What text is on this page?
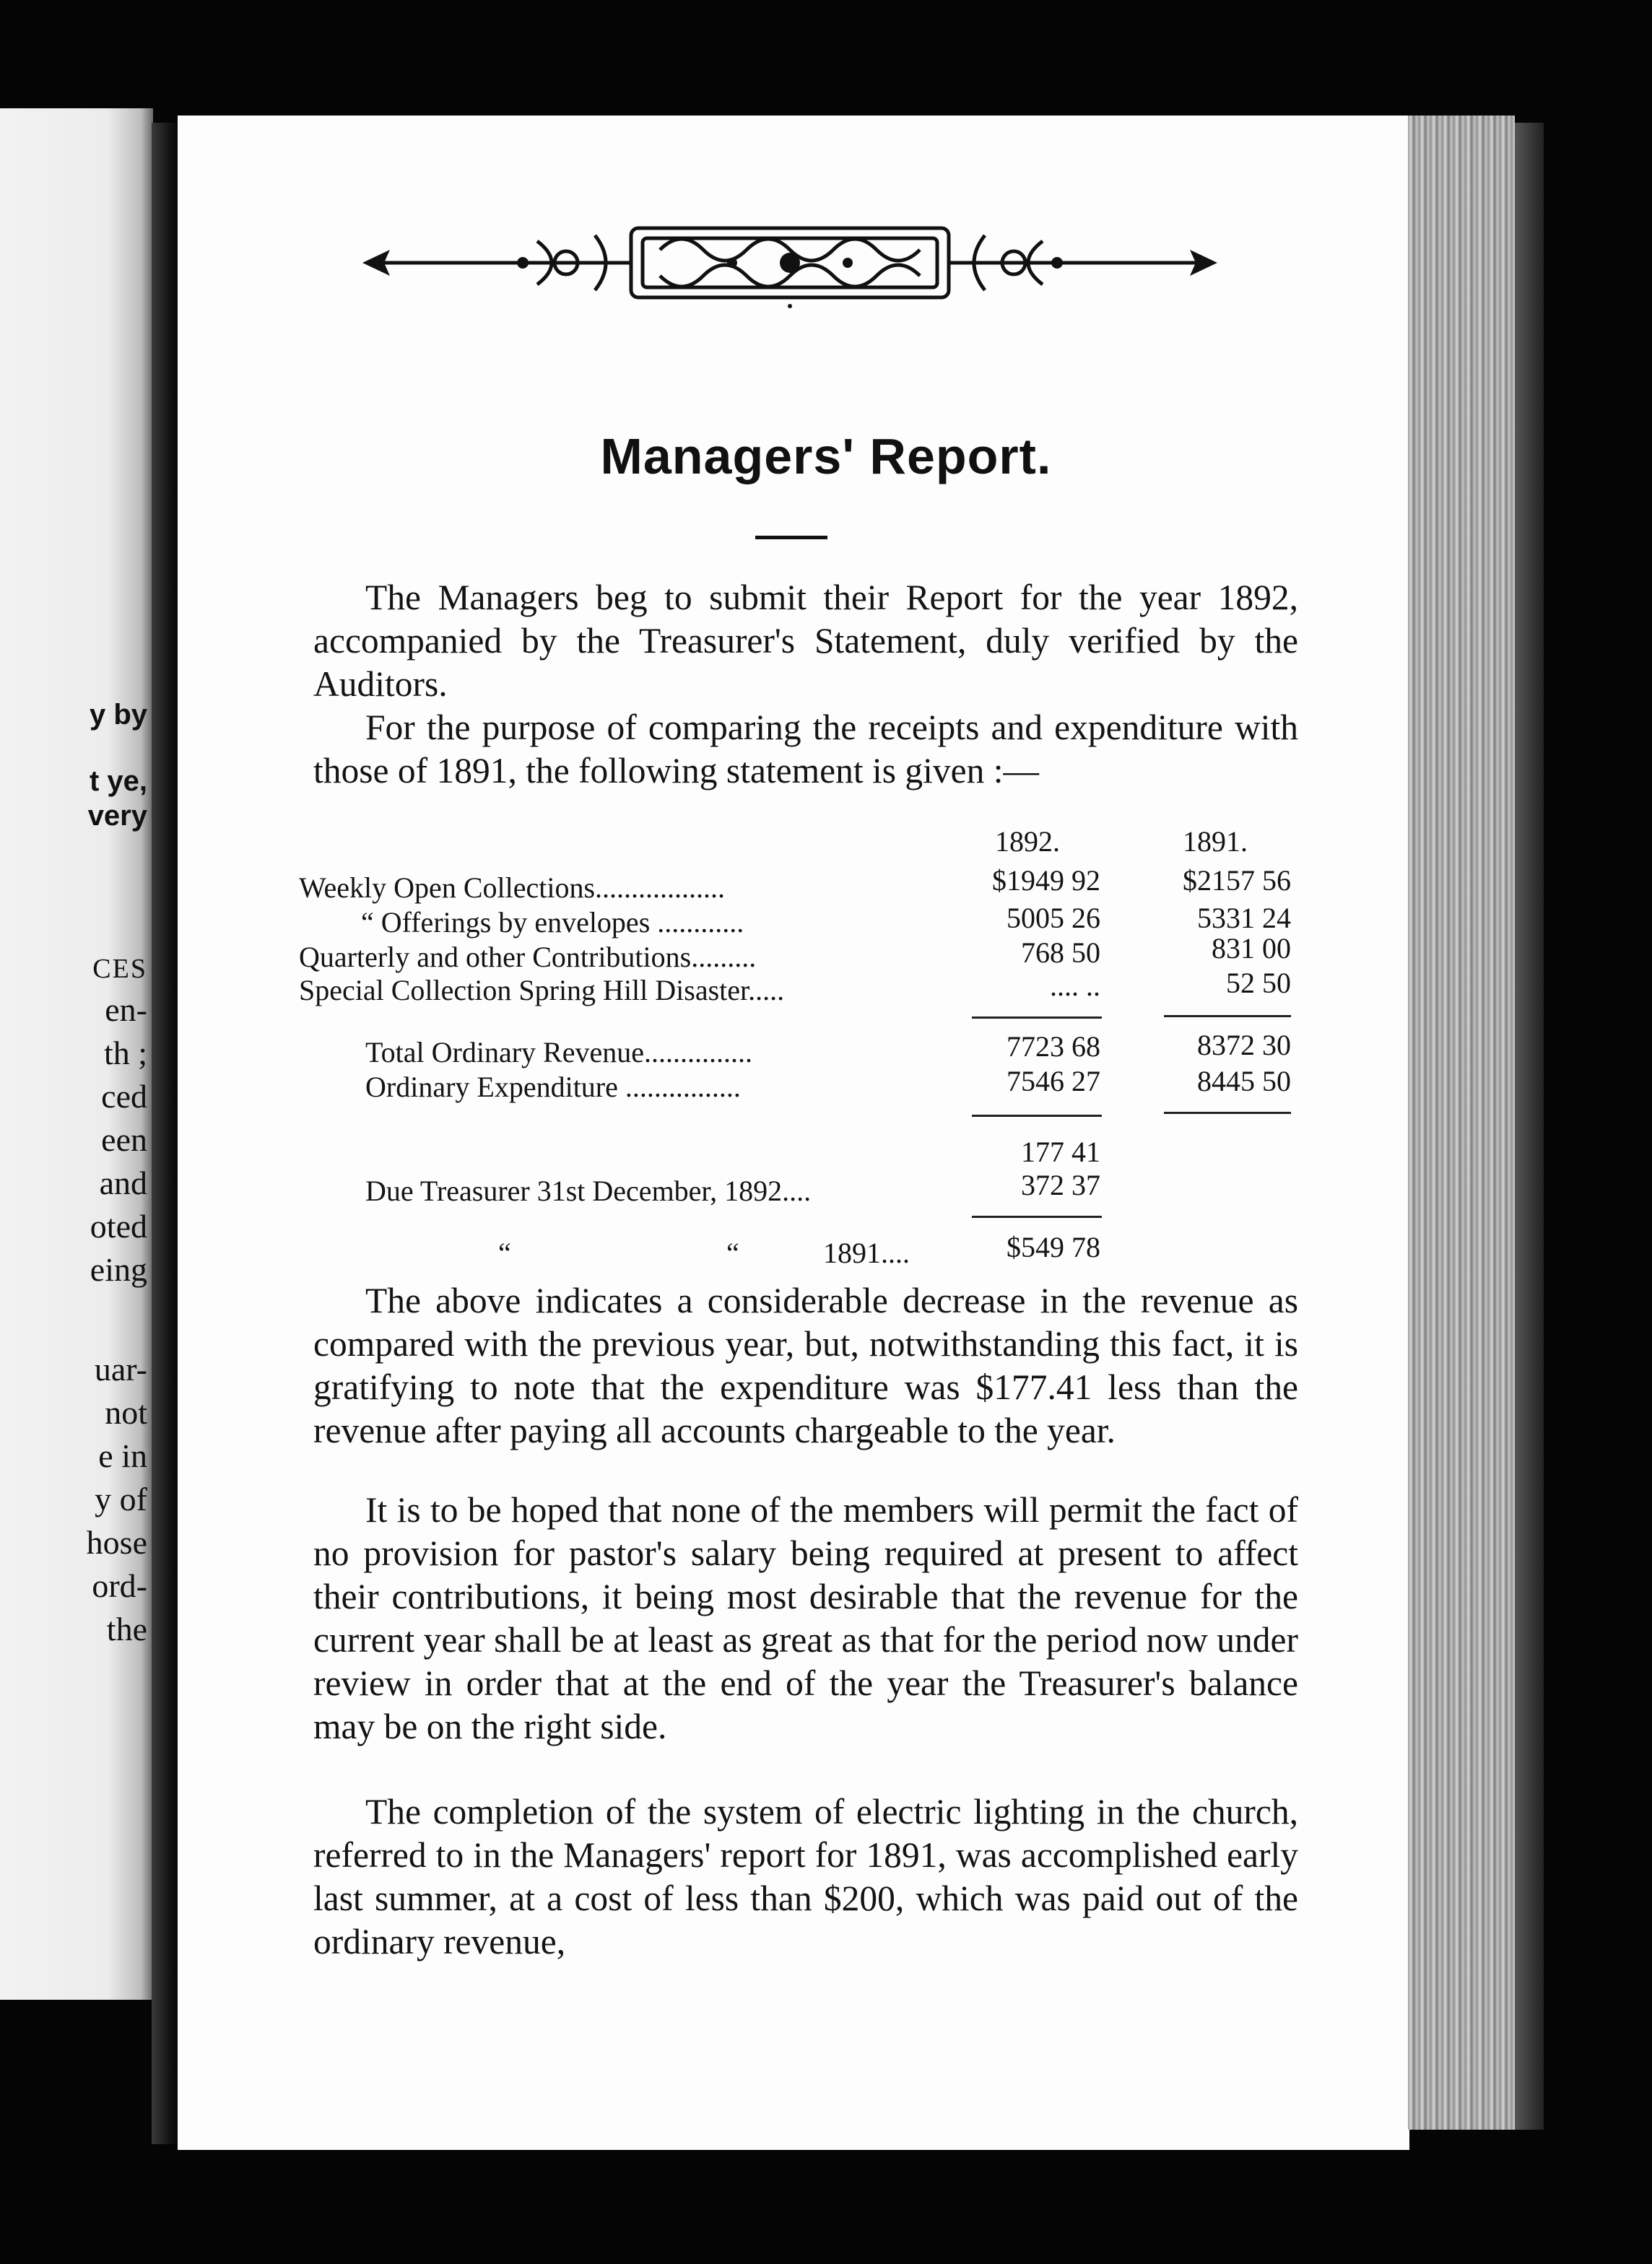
y by
t ye,
very
CES
en-
th ;
ced
een
and
oted
eing
uar-
not
e in
y of
hose
ord-
the
Managers' Report.

The Managers beg to submit their Report for the year 1892, accompanied by the Treasurer's Statement, duly verified by the Auditors.

For the purpose of comparing the receipts and expenditure with those of 1891, the following statement is given :—

1892.	1891.
Weekly Open Collections..................	$1949 92	$2157 56
“ Offerings by envelopes ............	5005 26	5331 24
Quarterly and other Contributions.........	768 50	831 00
Special Collection Spring Hill Disaster.....	.... ..	52 50
Total Ordinary Revenue...............	7723 68	8372 30
Ordinary Expenditure ................	7546 27	8445 50
177 41
Due Treasurer 31st December, 1892....	372 37
“	“	1891....	$549 78

The above indicates a considerable decrease in the revenue as compared with the previous year, but, notwithstanding this fact, it is gratifying to note that the expenditure was $177.41 less than the revenue after paying all accounts chargeable to the year.

It is to be hoped that none of the members will permit the fact of no provision for pastor's salary being required at present to affect their contributions, it being most desirable that the revenue for the current year shall be at least as great as that for the period now under review in order that at the end of the year the Treasurer's balance may be on the right side.

The completion of the system of electric lighting in the church, referred to in the Managers' report for 1891, was accomplished early last summer, at a cost of less than $200, which was paid out of the ordinary revenue,
